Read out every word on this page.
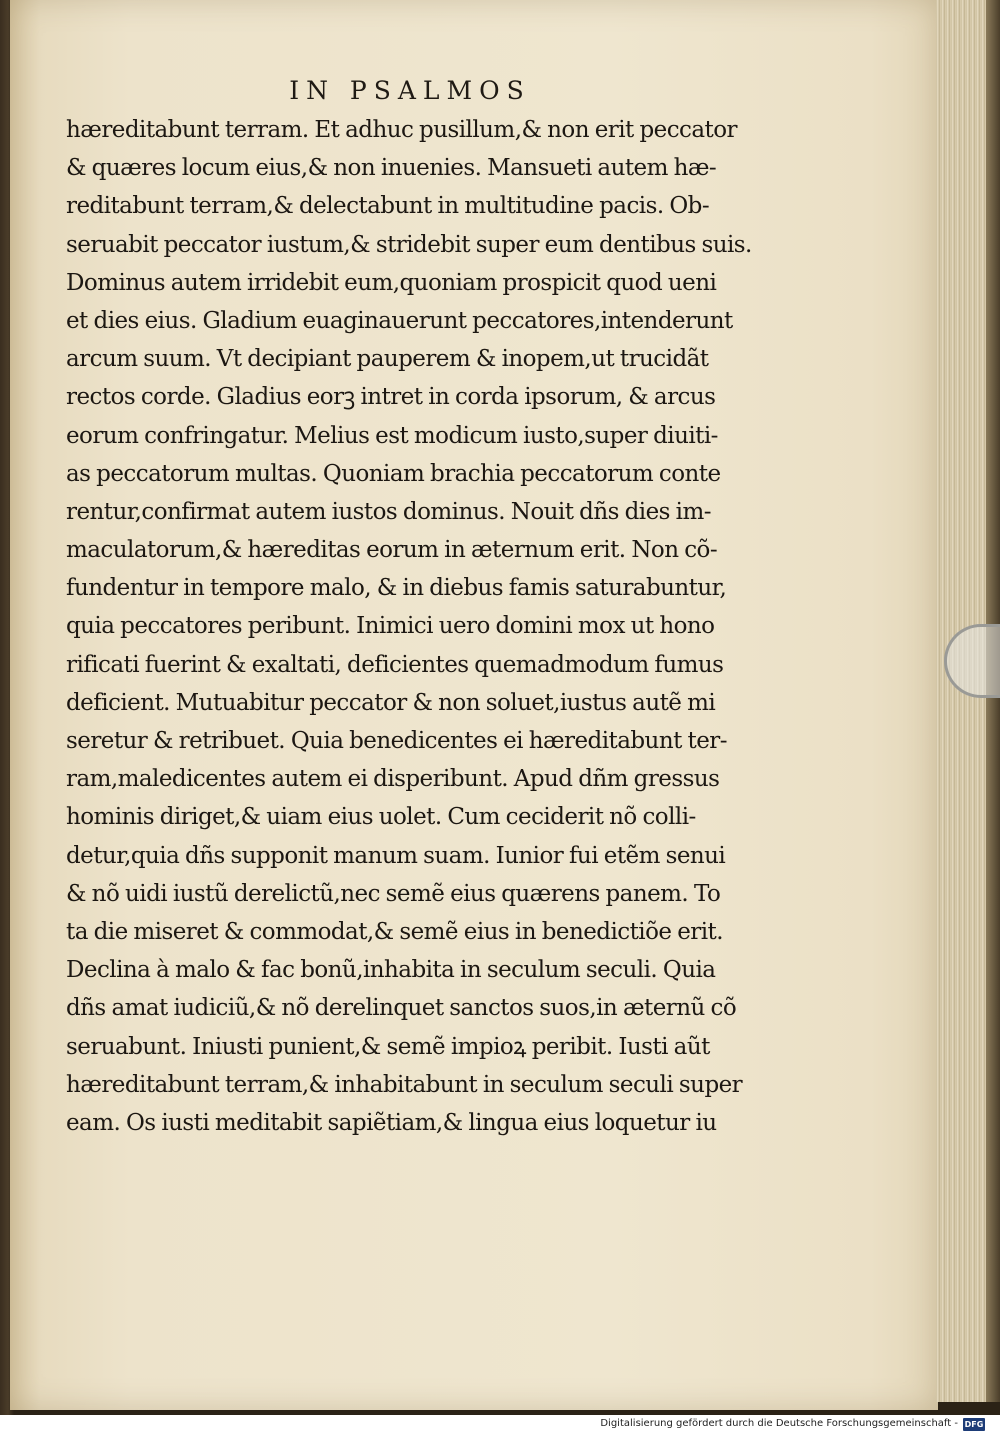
IN PSALMOS
hæreditabunt terram. Et adhuc pusillum,& non erit peccator
& quæres locum eius,& non inuenies. Mansueti autem hæ-
reditabunt terram,& delectabunt in multitudine pacis. Ob-
seruabit peccator iustum,& stridebit super eum dentibus suis.
Dominus autem irridebit eum,quoniam prospicit quod ueni
et dies eius. Gladium euaginauerunt peccatores,intenderunt
arcum suum. Vt decipiant pauperem & inopem,ut trucidãt
rectos corde. Gladius eorꝫ intret in corda ipsorum, & arcus
eorum confringatur. Melius est modicum iusto,super diuiti-
as peccatorum multas. Quoniam brachia peccatorum conte
rentur,confirmat autem iustos dominus. Nouit dñs dies im-
maculatorum,& hæreditas eorum in æternum erit. Non cõ-
fundentur in tempore malo, & in diebus famis saturabuntur,
quia peccatores peribunt. Inimici uero domini mox ut hono
rificati fuerint & exaltati, deficientes quemadmodum fumus
deficient. Mutuabitur peccator & non soluet,iustus autẽ mi
seretur & retribuet. Quia benedicentes ei hæreditabunt ter-
ram,maledicentes autem ei disperibunt. Apud dñm gressus
hominis diriget,& uiam eius uolet. Cum ceciderit nõ colli-
detur,quia dñs supponit manum suam. Iunior fui etẽm senui
& nõ uidi iustũ derelictũ,nec semẽ eius quærens panem. To
ta die miseret & commodat,& semẽ eius in benedictiõe erit.
Declina à malo & fac bonũ,inhabita in seculum seculi. Quia
dñs amat iudiciũ,& nõ derelinquet sanctos suos,in æternũ cõ
seruabunt. Iniusti punient,& semẽ impioꝝ peribit. Iusti aũt
hæreditabunt terram,& inhabitabunt in seculum seculi super
eam. Os iusti meditabit sapiẽtiam,& lingua eius loquetur iu
Digitalisierung gefördert durch die Deutsche Forschungsgemeinschaft - DFG
